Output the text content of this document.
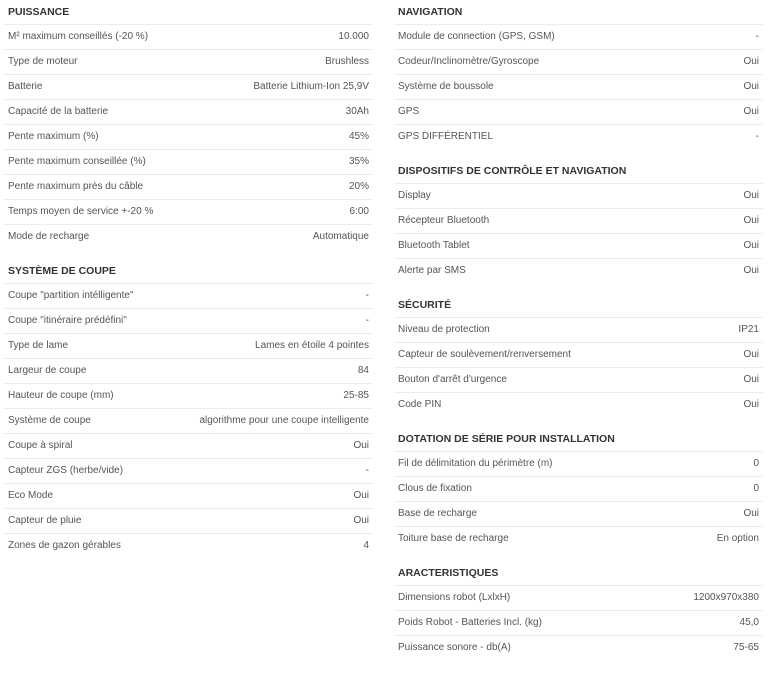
PUISSANCE
M² maximum conseillés (-20 %)	10.000
Type de moteur	Brushless
Batterie	Batterie Lithium-Ion 25,9V
Capacité de la batterie	30Ah
Pente maximum (%)	45%
Pente maximum conseillée (%)	35%
Pente maximum près du câble	20%
Temps moyen de service +-20 %	6:00
Mode de recharge	Automatique
SYSTÈME DE COUPE
Coupe "partition intélligente"	-
Coupe "itinéraire prédéfini"	-
Type de lame	Lames en étoile 4 pointes
Largeur de coupe	84
Hauteur de coupe (mm)	25-85
Système de coupe	algorithme pour une coupe intelligente
Coupe à spiral	Oui
Capteur ZGS (herbe/vide)	-
Eco Mode	Oui
Capteur de pluie	Oui
Zones de gazon gérables	4
NAVIGATION
Module de connection (GPS, GSM)	-
Codeur/Inclinomètre/Gyroscope	Oui
Système de boussole	Oui
GPS	Oui
GPS DIFFÉRENTIEL	-
DISPOSITIFS DE CONTRÔLE ET NAVIGATION
Display	Oui
Récepteur Bluetooth	Oui
Bluetooth Tablet	Oui
Alerte par SMS	Oui
SÉCURITÉ
Niveau de protection	IP21
Capteur de soulèvement/renversement	Oui
Bouton d'arrêt d'urgence	Oui
Code PIN	Oui
DOTATION DE SÉRIE POUR INSTALLATION
Fil de délimitation du périmètre (m)	0
Clous de fixation	0
Base de recharge	Oui
Toiture base de recharge	En option
ARACTERISTIQUES
Dimensions robot (LxlxH)	1200x970x380
Poids Robot - Batteries Incl. (kg)	45,0
Puissance sonore - db(A)	75-65
